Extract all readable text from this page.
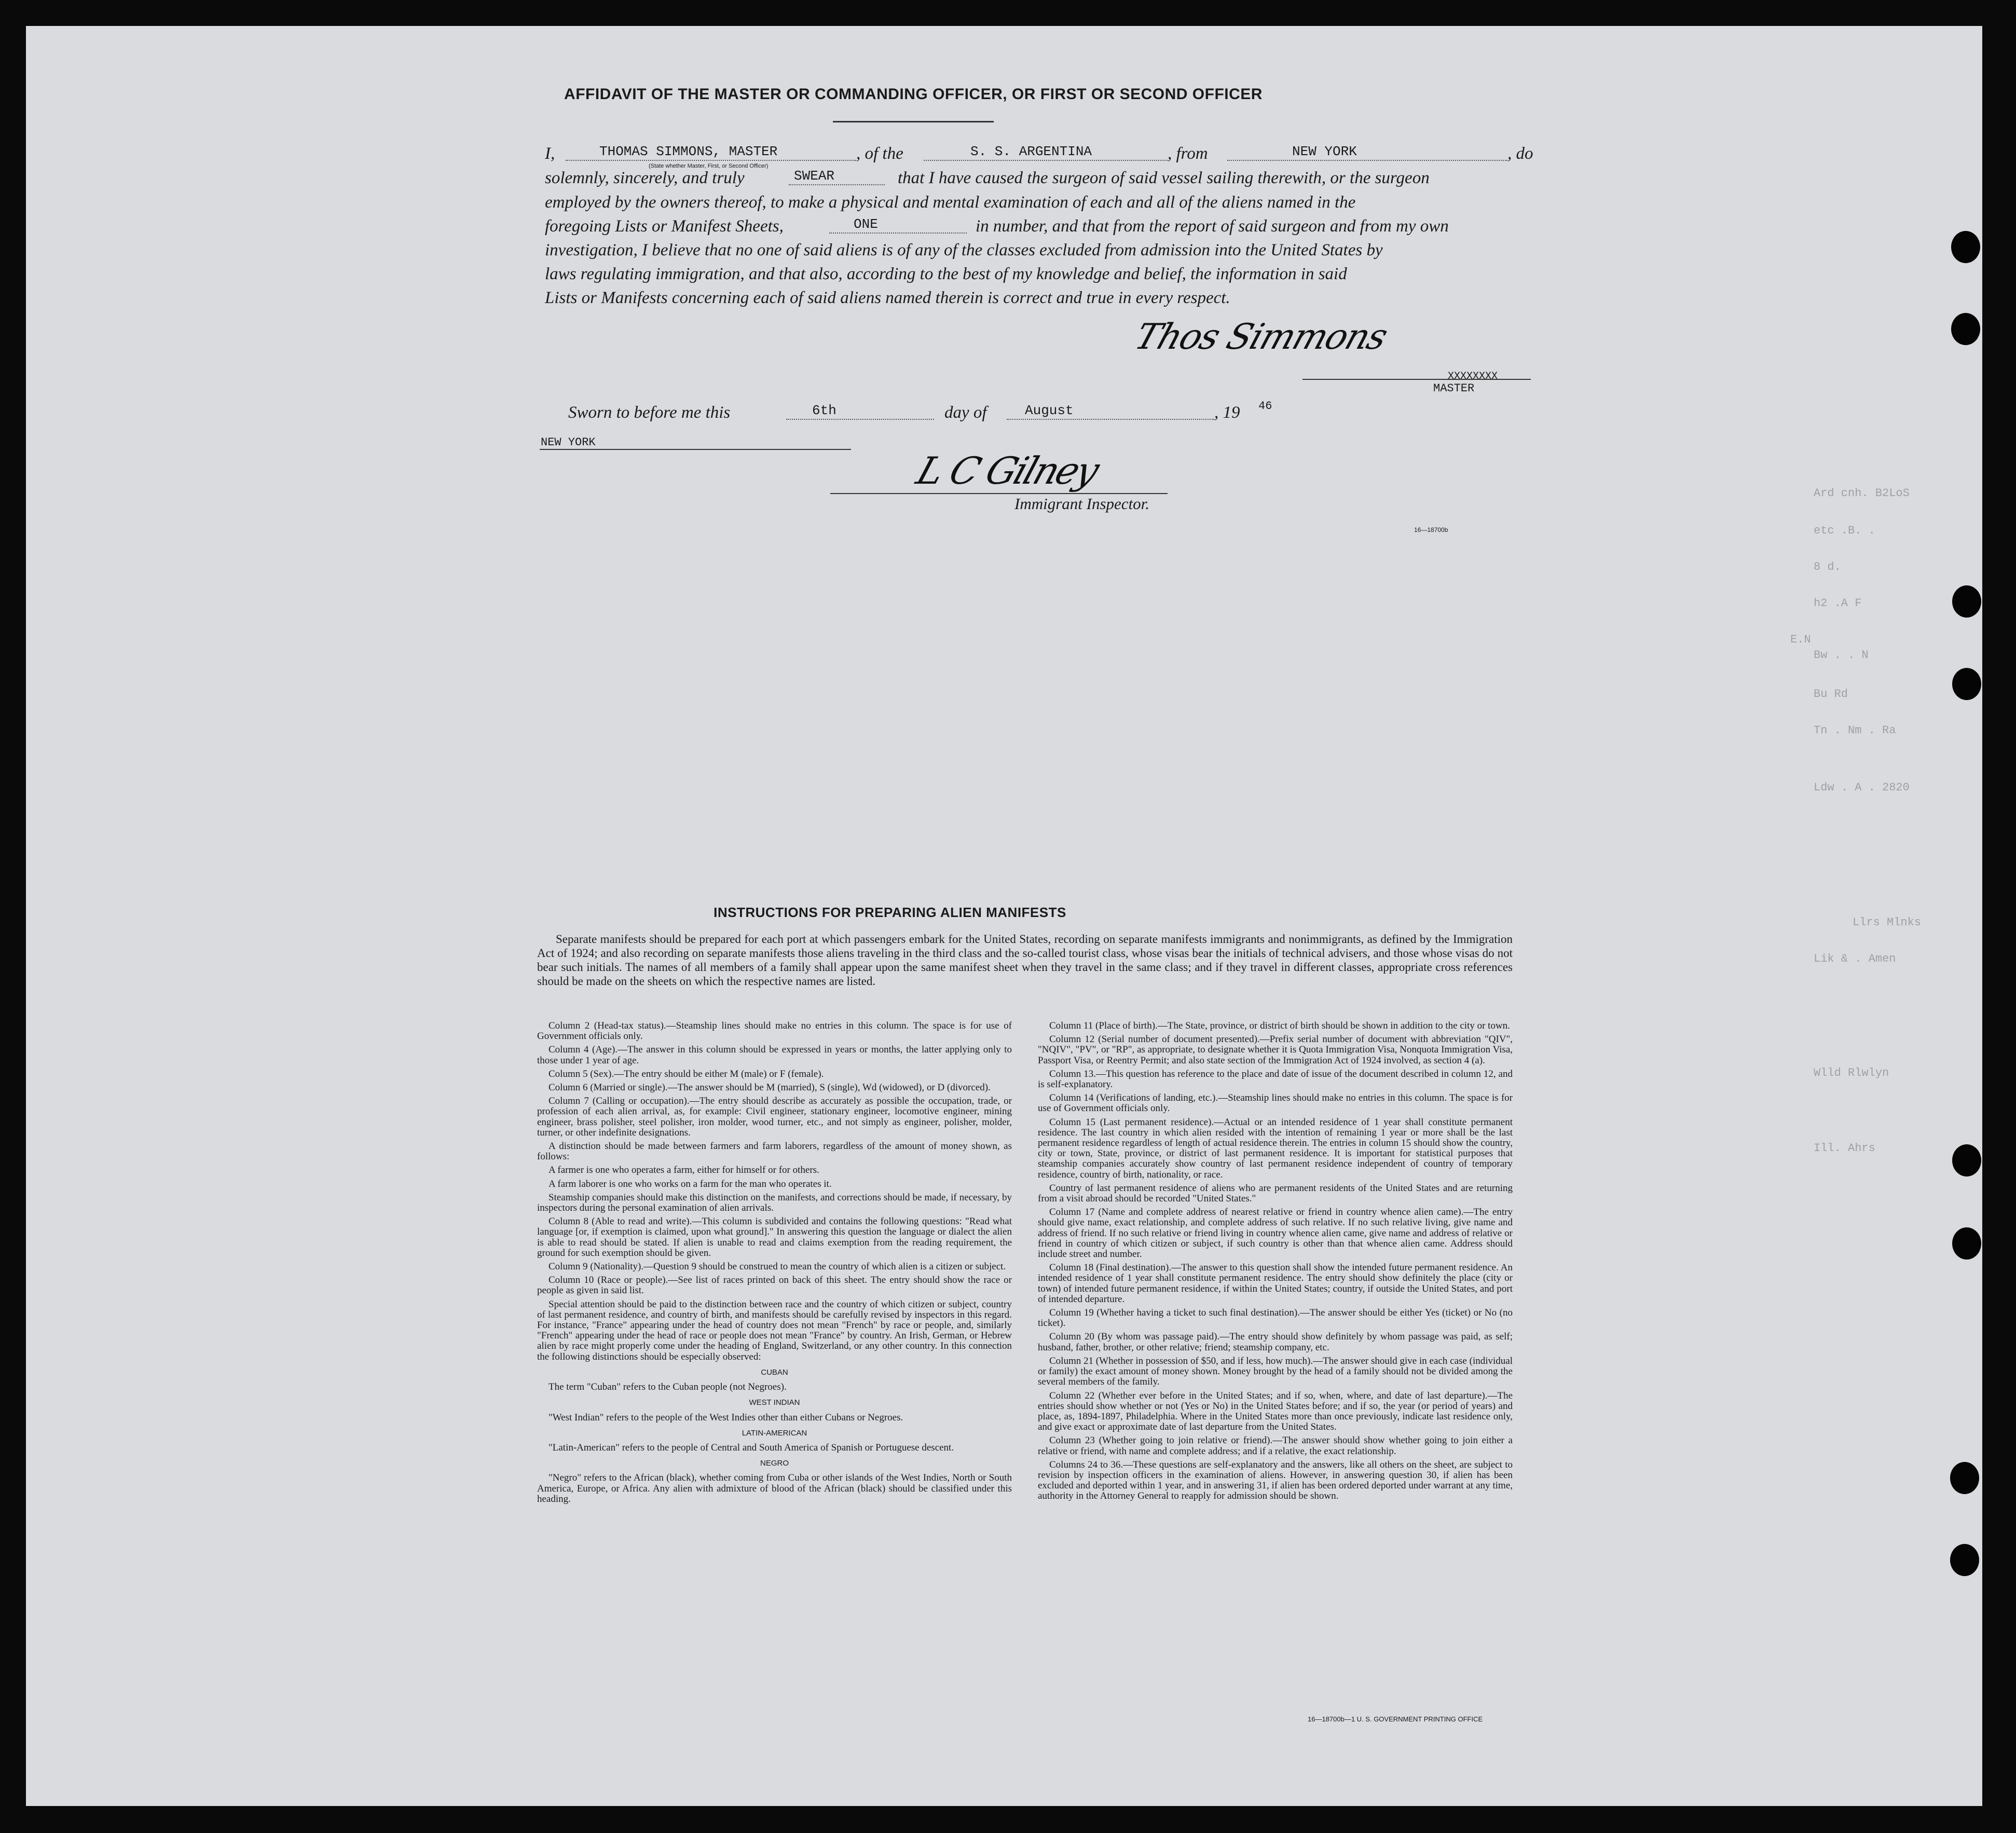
Ard cnh. B2LoS
etc .B. .
8 d.
h2 .A F
E.N
Bw . . N
Bu Rd
Tn . Nm . Ra
Ldw . A . 2820
Llrs Mlnks
Lik & . Amen
Wlld Rlwlyn
Ill. Ahrs
AFFIDAVIT OF THE MASTER OR COMMANDING OFFICER, OR FIRST OR SECOND OFFICER
I,	THOMAS SIMMONS, MASTER	, of the	S. S. ARGENTINA	, from	NEW YORK	, do
(State whether Master, First, or Second Officer)
solemnly, sincerely, and truly	SWEAR	that I have caused the surgeon of said vessel sailing therewith, or the surgeon
employed by the owners thereof, to make a physical and mental examination of each and all of the aliens named in the
foregoing Lists or Manifest Sheets,	ONE	in number, and that from the report of said surgeon and from my own
investigation, I believe that no one of said aliens is of any of the classes excluded from admission into the United States by
laws regulating immigration, and that also, according to the best of my knowledge and belief, the information in said
Lists or Manifests concerning each of said aliens named therein is correct and true in every respect.
Thos Simmons
XXXXXXXX
MASTER
Sworn to before me this	6th	day of	August	, 19 46
NEW YORK
L C Gilney
Immigrant Inspector.
16—18700b
INSTRUCTIONS FOR PREPARING ALIEN MANIFESTS
Separate manifests should be prepared for each port at which passengers embark for the United States, recording on separate manifests immigrants and nonimmigrants, as defined by the Immigration Act of 1924; and also recording on separate manifests those aliens traveling in the third class and the so-called tourist class, whose visas bear the initials of technical advisers, and those whose visas do not bear such initials. The names of all members of a family shall appear upon the same manifest sheet when they travel in the same class; and if they travel in different classes, appropriate cross references should be made on the sheets on which the respective names are listed.

Column 2 (Head-tax status).—Steamship lines should make no entries in this column. The space is for use of Government officials only.

Column 4 (Age).—The answer in this column should be expressed in years or months, the latter applying only to those under 1 year of age.

Column 5 (Sex).—The entry should be either M (male) or F (female).

Column 6 (Married or single).—The answer should be M (married), S (single), Wd (widowed), or D (divorced).

Column 7 (Calling or occupation).—The entry should describe as accurately as possible the occupation, trade, or profession of each alien arrival, as, for example: Civil engineer, stationary engineer, locomotive engineer, mining engineer, brass polisher, steel polisher, iron molder, wood turner, etc., and not simply as engineer, polisher, molder, turner, or other indefinite designations.

A distinction should be made between farmers and farm laborers, regardless of the amount of money shown, as follows:

A farmer is one who operates a farm, either for himself or for others.

A farm laborer is one who works on a farm for the man who operates it.

Steamship companies should make this distinction on the manifests, and corrections should be made, if necessary, by inspectors during the personal examination of alien arrivals.

Column 8 (Able to read and write).—This column is subdivided and contains the following questions: "Read what language [or, if exemption is claimed, upon what ground]." In answering this question the language or dialect the alien is able to read should be stated. If alien is unable to read and claims exemption from the reading requirement, the ground for such exemption should be given.

Column 9 (Nationality).—Question 9 should be construed to mean the country of which alien is a citizen or subject.

Column 10 (Race or people).—See list of races printed on back of this sheet. The entry should show the race or people as given in said list.

Special attention should be paid to the distinction between race and the country of which citizen or subject, country of last permanent residence, and country of birth, and manifests should be carefully revised by inspectors in this regard. For instance, "France" appearing under the head of country does not mean "French" by race or people, and, similarly "French" appearing under the head of race or people does not mean "France" by country. An Irish, German, or Hebrew alien by race might properly come under the heading of England, Switzerland, or any other country. In this connection the following distinctions should be especially observed:

CUBAN

The term "Cuban" refers to the Cuban people (not Negroes).

WEST INDIAN

"West Indian" refers to the people of the West Indies other than either Cubans or Negroes.

LATIN-AMERICAN

"Latin-American" refers to the people of Central and South America of Spanish or Portuguese descent.

NEGRO

"Negro" refers to the African (black), whether coming from Cuba or other islands of the West Indies, North or South America, Europe, or Africa. Any alien with admixture of blood of the African (black) should be classified under this heading.

Column 11 (Place of birth).—The State, province, or district of birth should be shown in addition to the city or town.

Column 12 (Serial number of document presented).—Prefix serial number of document with abbreviation "QIV", "NQIV", "PV", or "RP", as appropriate, to designate whether it is Quota Immigration Visa, Nonquota Immigration Visa, Passport Visa, or Reentry Permit; and also state section of the Immigration Act of 1924 involved, as section 4 (a).

Column 13.—This question has reference to the place and date of issue of the document described in column 12, and is self-explanatory.

Column 14 (Verifications of landing, etc.).—Steamship lines should make no entries in this column. The space is for use of Government officials only.

Column 15 (Last permanent residence).—Actual or an intended residence of 1 year shall constitute permanent residence. The last country in which alien resided with the intention of remaining 1 year or more shall be the last permanent residence regardless of length of actual residence therein. The entries in column 15 should show the country, city or town, State, province, or district of last permanent residence. It is important for statistical purposes that steamship companies accurately show country of last permanent residence independent of country of temporary residence, country of birth, nationality, or race.

Country of last permanent residence of aliens who are permanent residents of the United States and are returning from a visit abroad should be recorded "United States."

Column 17 (Name and complete address of nearest relative or friend in country whence alien came).—The entry should give name, exact relationship, and complete address of such relative. If no such relative living, give name and address of friend. If no such relative or friend living in country whence alien came, give name and address of relative or friend in country of which citizen or subject, if such country is other than that whence alien came. Address should include street and number.

Column 18 (Final destination).—The answer to this question shall show the intended future permanent residence. An intended residence of 1 year shall constitute permanent residence. The entry should show definitely the place (city or town) of intended future permanent residence, if within the United States; country, if outside the United States, and port of intended departure.

Column 19 (Whether having a ticket to such final destination).—The answer should be either Yes (ticket) or No (no ticket).

Column 20 (By whom was passage paid).—The entry should show definitely by whom passage was paid, as self; husband, father, brother, or other relative; friend; steamship company, etc.

Column 21 (Whether in possession of $50, and if less, how much).—The answer should give in each case (individual or family) the exact amount of money shown. Money brought by the head of a family should not be divided among the several members of the family.

Column 22 (Whether ever before in the United States; and if so, when, where, and date of last departure).—The entries should show whether or not (Yes or No) in the United States before; and if so, the year (or period of years) and place, as, 1894-1897, Philadelphia. Where in the United States more than once previously, indicate last residence only, and give exact or approximate date of last departure from the United States.

Column 23 (Whether going to join relative or friend).—The answer should show whether going to join either a relative or friend, with name and complete address; and if a relative, the exact relationship.

Columns 24 to 36.—These questions are self-explanatory and the answers, like all others on the sheet, are subject to revision by inspection officers in the examination of aliens. However, in answering question 30, if alien has been excluded and deported within 1 year, and in answering 31, if alien has been ordered deported under warrant at any time, authority in the Attorney General to reapply for admission should be shown.

16—18700b—1 U. S. GOVERNMENT PRINTING OFFICE
